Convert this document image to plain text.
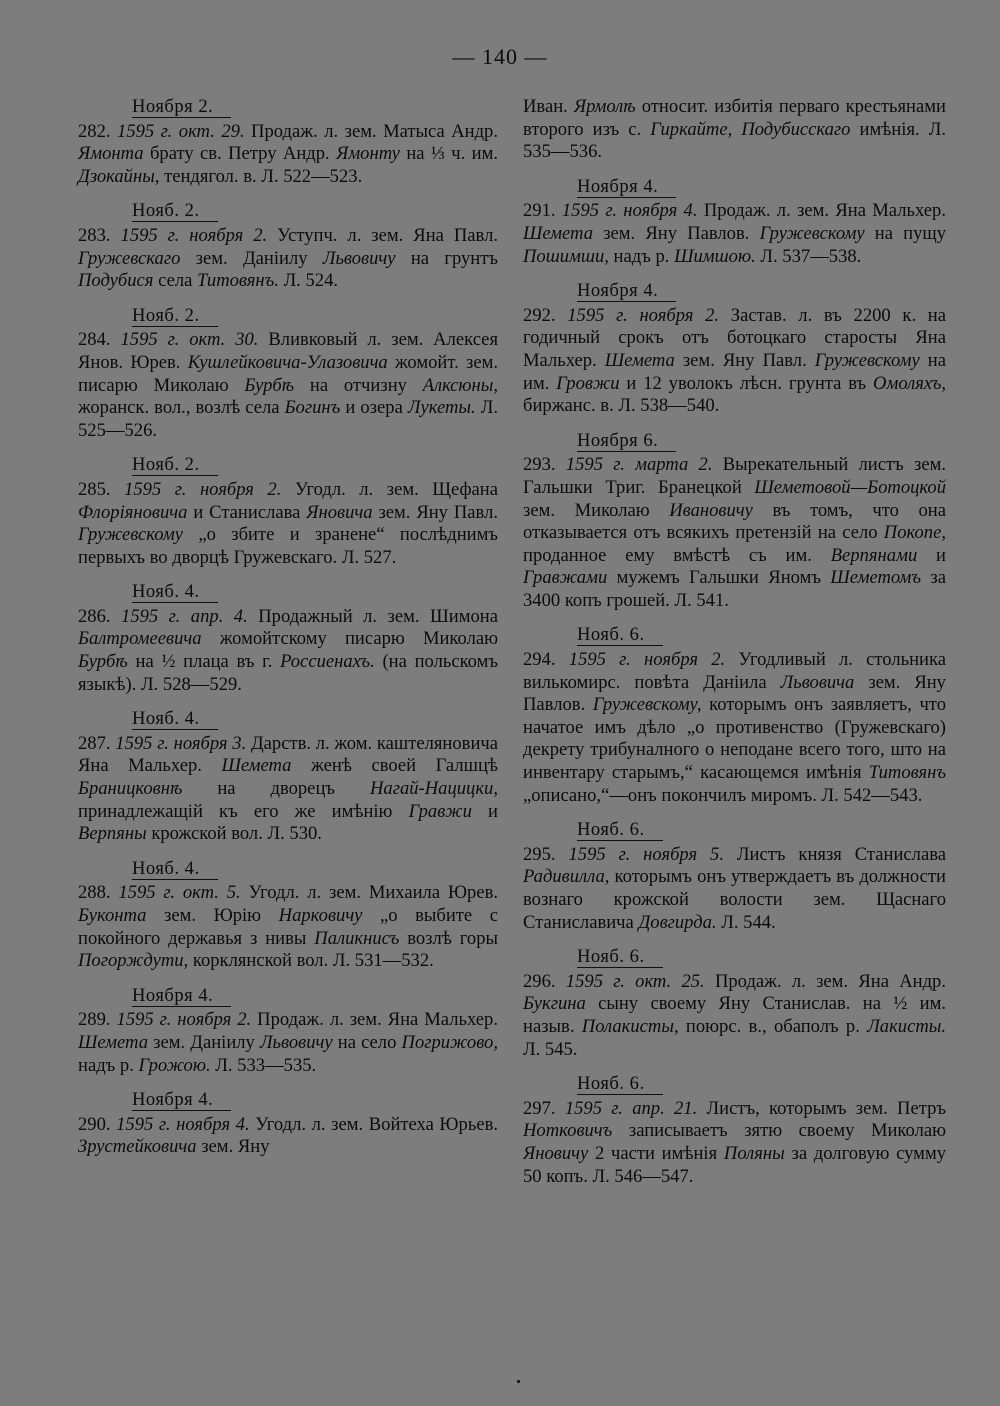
— 140 —
Ноября 2.
282. 1595 г. окт. 29. Продаж. л. зем. Матыса Андр. Ямонта брату св. Петру Андр. Ямонту на ⅓ ч. им. Дзокайны, тендягол. в. Л. 522—523.
Нояб. 2.
283. 1595 г. ноября 2. Уступч. л. зем. Яна Павл. Гружевскаго зем. Даніилу Львовичу на грунтъ Подубися села Титовянъ. Л. 524.
Нояб. 2.
284. 1595 г. окт. 30. Вливковый л. зем. Алексея Янов. Юрев. Кушлейковича-Улазовича жомойт. зем. писарю Миколаю Бурбѣ на отчизну Алксюны, жоранск. вол., возлѣ села Богинъ и озера Лукеты. Л. 525—526.
Нояб. 2.
285. 1595 г. ноября 2. Угодл. л. зем. Щефана Флоріяновича и Станислава Яновича зем. Яну Павл. Гружевскому „о збите и зранене“ послѣднимъ первыхъ во дворцѣ Гружевскаго. Л. 527.
Нояб. 4.
286. 1595 г. апр. 4. Продажный л. зем. Шимона Балтромеевича жомойтскому писарю Миколаю Бурбѣ на ½ плаца въ г. Россиенахъ. (на польскомъ языкѣ). Л. 528—529.
Нояб. 4.
287. 1595 г. ноября 3. Дарств. л. жом. каштеляновича Яна Мальхер. Шемета женѣ своей Галшцѣ Браницковнѣ на дворецъ Нагай-Нацицки, принадлежащій къ его же имѣнію Гравжи и Верпяны крожской вол. Л. 530.
Нояб. 4.
288. 1595 г. окт. 5. Угодл. л. зем. Михаила Юрев. Буконта зем. Юрію Нарковичу „о выбите с покойного державья з нивы Паликнисъ возлѣ горы Погорждути, корклянской вол. Л. 531—532.
Ноября 4.
289. 1595 г. ноября 2. Продаж. л. зем. Яна Мальхер. Шемета зем. Даніилу Львовичу на село Погрижово, надъ р. Грожою. Л. 533—535.
Ноября 4.
290. 1595 г. ноября 4. Угодл. л. зем. Войтеха Юрьев. Зрустейковича зем. Яну
Иван. Ярмолѣ относит. избитія перваго крестьянами второго изъ с. Гиркайте, Подубисскаго имѣнія. Л. 535—536.
Ноября 4.
291. 1595 г. ноября 4. Продаж. л. зем. Яна Мальхер. Шемета зем. Яну Павлов. Гружевскому на пущу Пошимши, надъ р. Шимшою. Л. 537—538.
Ноября 4.
292. 1595 г. ноября 2. Застав. л. въ 2200 к. на годичный срокъ отъ ботоцкаго старосты Яна Мальхер. Шемета зем. Яну Павл. Гружевскому на им. Гровжи и 12 уволокъ лѣсн. грунта въ Омоляхъ, биржанс. в. Л. 538—540.
Ноября 6.
293. 1595 г. марта 2. Вырекательный листъ зем. Гальшки Триг. Бранецкой Шеметовой—Ботоцкой зем. Миколаю Ивановичу въ томъ, что она отказывается отъ всякихъ претензій на село Покопе, проданное ему вмѣстѣ съ им. Верпянами и Гравжами мужемъ Гальшки Яномъ Шеметомъ за 3400 копъ грошей. Л. 541.
Нояб. 6.
294. 1595 г. ноября 2. Угодливый л. стольника вилькомирс. повѣта Даніила Львовича зем. Яну Павлов. Гружевскому, которымъ онъ заявляетъ, что начатое имъ дѣло „о противенство (Гружевскаго) декрету трибуналного о неподане всего того, што на инвентару старымъ,“ касающемся имѣнія Титовянъ „описано,“—онъ покончилъ миромъ. Л. 542—543.
Нояб. 6.
295. 1595 г. ноября 5. Листъ князя Станислава Радивилла, которымъ онъ утверждаетъ въ должности вознаго крожской волости зем. Щаснаго Станиславича Довгирда. Л. 544.
Нояб. 6.
296. 1595 г. окт. 25. Продаж. л. зем. Яна Андр. Букгина сыну своему Яну Станислав. на ½ им. назыв. Полакисты, поюрс. в., обаполъ р. Лакисты. Л. 545.
Нояб. 6.
297. 1595 г. апр. 21. Листъ, которымъ зем. Петръ Нотковичъ записываетъ зятю своему Миколаю Яновичу 2 части имѣнія Поляны за долговую сумму 50 копъ. Л. 546—547.
